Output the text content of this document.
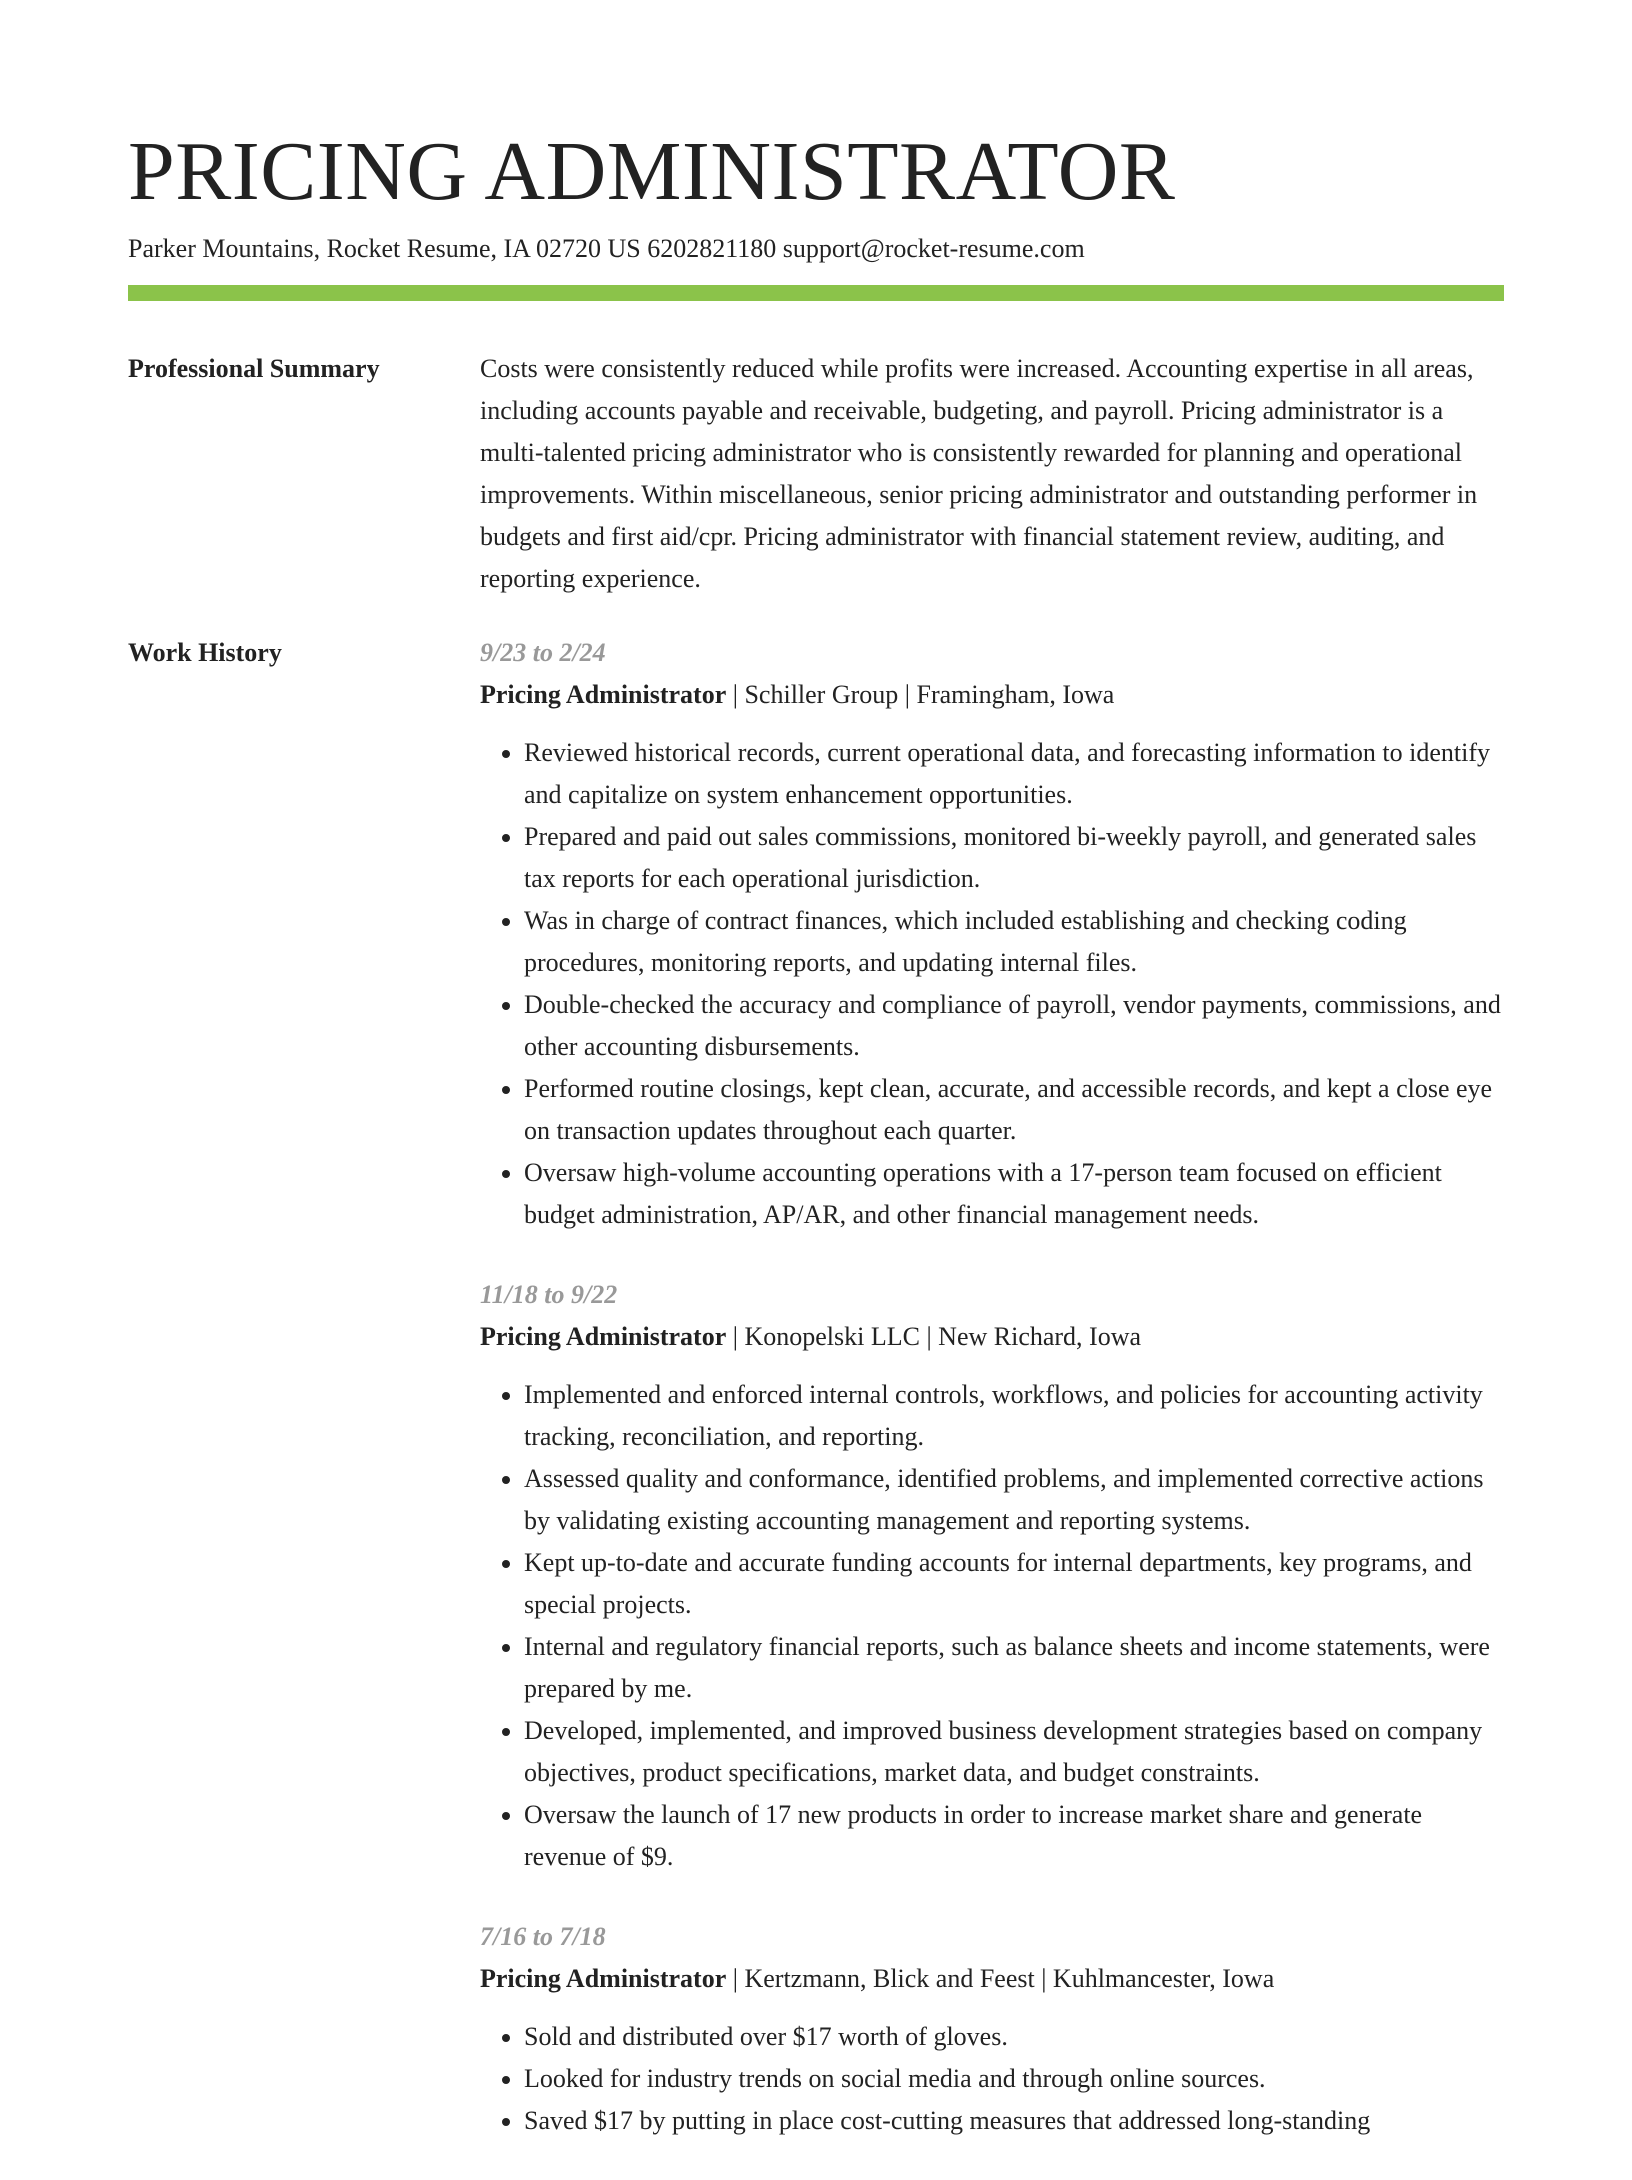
PRICING ADMINISTRATOR
Parker Mountains, Rocket Resume, IA 02720 US 6202821180 support@rocket-resume.com
Professional Summary	Costs were consistently reduced while profits were increased. Accounting expertise in all areas, including accounts payable and receivable, budgeting, and payroll. Pricing administrator is a multi-talented pricing administrator who is consistently rewarded for planning and operational improvements. Within miscellaneous, senior pricing administrator and outstanding performer in budgets and first aid/cpr. Pricing administrator with financial statement review, auditing, and reporting experience.

Work History	9/23 to 2/24
Pricing Administrator | Schiller Group | Framingham, Iowa
• Reviewed historical records, current operational data, and forecasting information to identify and capitalize on system enhancement opportunities.
• Prepared and paid out sales commissions, monitored bi-weekly payroll, and generated sales tax reports for each operational jurisdiction.
• Was in charge of contract finances, which included establishing and checking coding procedures, monitoring reports, and updating internal files.
• Double-checked the accuracy and compliance of payroll, vendor payments, commissions, and other accounting disbursements.
• Performed routine closings, kept clean, accurate, and accessible records, and kept a close eye on transaction updates throughout each quarter.
• Oversaw high-volume accounting operations with a 17-person team focused on efficient budget administration, AP/AR, and other financial management needs.
11/18 to 9/22
Pricing Administrator | Konopelski LLC | New Richard, Iowa
• Implemented and enforced internal controls, workflows, and policies for accounting activity tracking, reconciliation, and reporting.
• Assessed quality and conformance, identified problems, and implemented corrective actions by validating existing accounting management and reporting systems.
• Kept up-to-date and accurate funding accounts for internal departments, key programs, and special projects.
• Internal and regulatory financial reports, such as balance sheets and income statements, were prepared by me.
• Developed, implemented, and improved business development strategies based on company objectives, product specifications, market data, and budget constraints.
• Oversaw the launch of 17 new products in order to increase market share and generate revenue of $9.
7/16 to 7/18
Pricing Administrator | Kertzmann, Blick and Feest | Kuhlmancester, Iowa
• Sold and distributed over $17 worth of gloves.
• Looked for industry trends on social media and through online sources.
• Saved $17 by putting in place cost-cutting measures that addressed long-standing
